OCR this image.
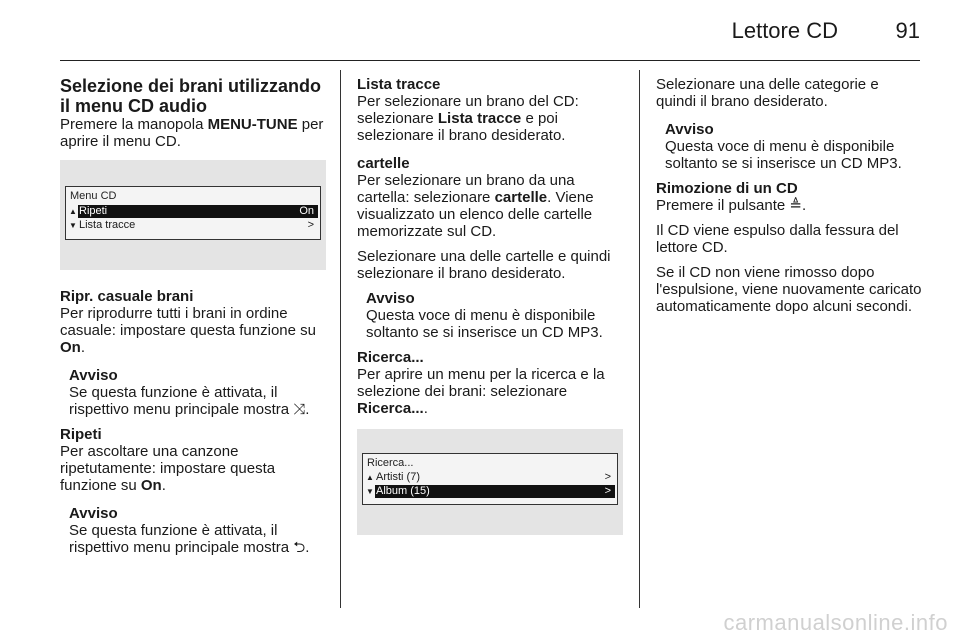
Lettore CD	91

Selezione dei brani utilizzando il menu CD audio

Premere la manopola MENU-TUNE per aprire il menu CD.

Menu CD
▲ Ripeti	On
▼ Lista tracce	>

Ripr. casuale brani

Per riprodurre tutti i brani in ordine casuale: impostare questa funzione su On.

Avviso

Se questa funzione è attivata, il rispettivo menu principale mostra ⤨.

Ripeti

Per ascoltare una canzone ripetutamente: impostare questa funzione su On.

Avviso

Se questa funzione è attivata, il rispettivo menu principale mostra ⮌.

Lista tracce

Per selezionare un brano del CD: selezionare Lista tracce e poi selezionare il brano desiderato.

cartelle

Per selezionare un brano da una cartella: selezionare cartelle. Viene visualizzato un elenco delle cartelle memorizzate sul CD.

Selezionare una delle cartelle e quindi selezionare il brano desiderato.

Avviso

Questa voce di menu è disponibile soltanto se si inserisce un CD MP3.

Ricerca...

Per aprire un menu per la ricerca e la selezione dei brani: selezionare Ricerca....

Ricerca...
▲ Artisti (7)	>
▼ Album (15)	>

Selezionare una delle categorie e quindi il brano desiderato.

Avviso

Questa voce di menu è disponibile soltanto se si inserisce un CD MP3.

Rimozione di un CD

Premere il pulsante ≜.

Il CD viene espulso dalla fessura del lettore CD.

Se il CD non viene rimosso dopo l'espulsione, viene nuovamente caricato automaticamente dopo alcuni secondi.

carmanualsonline.info
